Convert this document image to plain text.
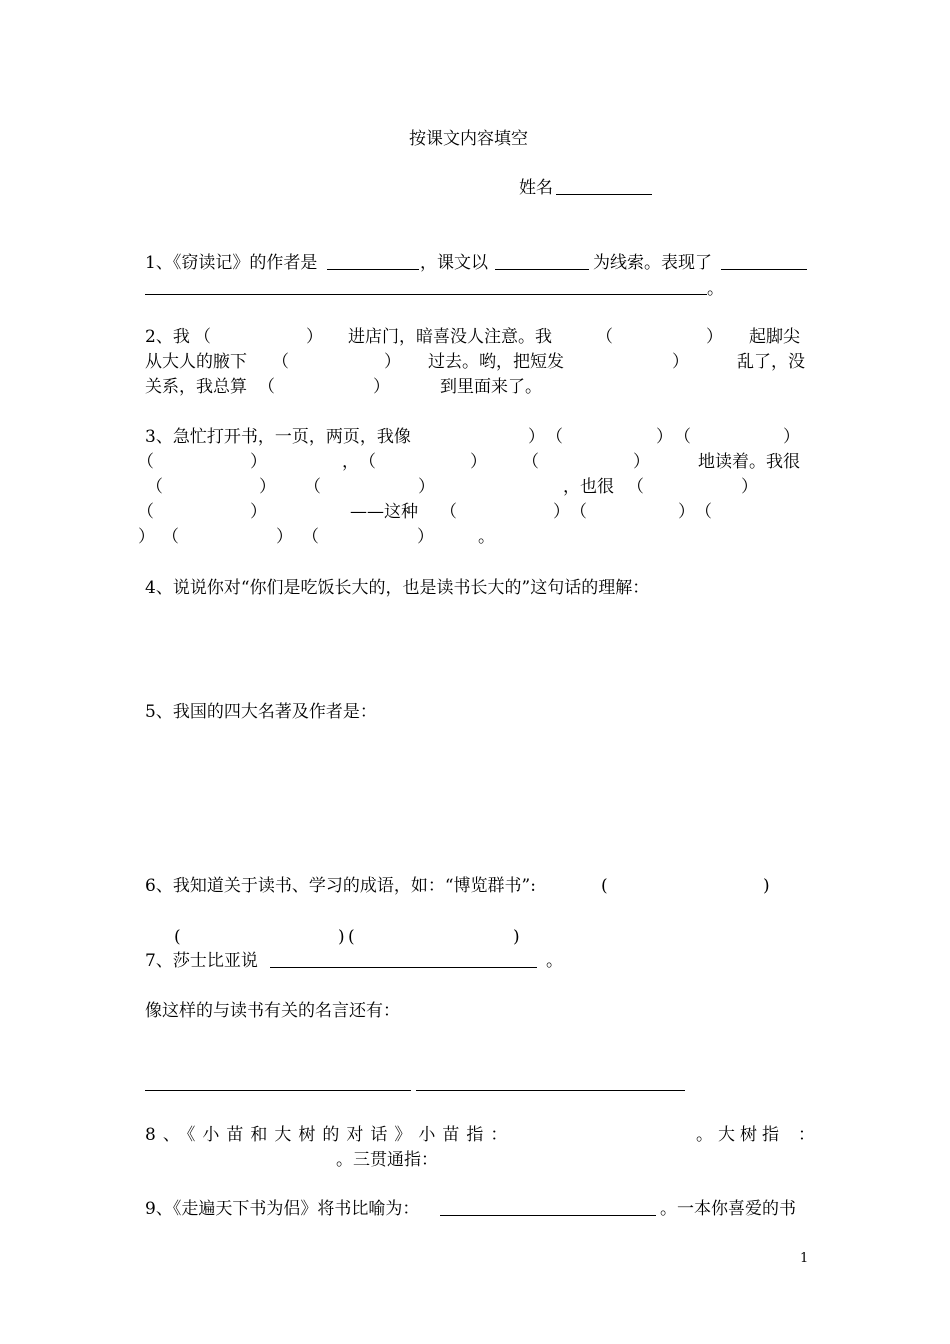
按课文内容填空
姓名
1、《窃读记》的作者是	，课文以	为线索。表现了
。
2、我 （	） 进店门，暗喜没人注意。我	（	） 起脚尖
从大人的腋下 （	） 过去。哟，把短发	）	乱了，没
关系，我总算 （	）	到里面来了。
3、急忙打开书，一页，两页，我像	） （	） （	）
（	）	， （	） （	）	地读着。我很
（	） （	）	，也很 （	）
（	）	——这种 （	） （	） （
） （	） （	）	。
4、说说你对“你们是吃饭长大的，也是读书长大的”这句话的理解：
5、我国的四大名著及作者是：
6、我知道关于读书、学习的成语，如：“博览群书”:	(	)
(	) (	)
7、莎士比亚说	。
像这样的与读书有关的名言还有：
8、《小苗和大树的对话》小苗指：	。大树指 ：
。三贯通指：
9、《走遍天下书为侣》将书比喻为：	。一本你喜爱的书
1
